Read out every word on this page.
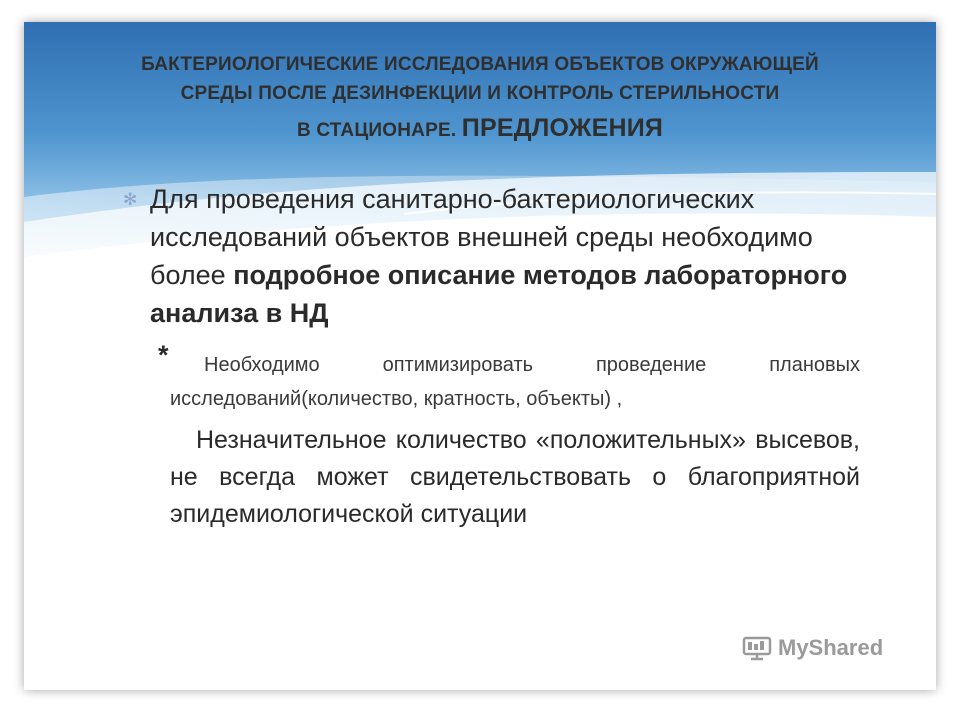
БАКТЕРИОЛОГИЧЕСКИЕ ИССЛЕДОВАНИЯ ОБЪЕКТОВ ОКРУЖАЮЩЕЙ
СРЕДЫ ПОСЛЕ ДЕЗИНФЕКЦИИ И КОНТРОЛЬ СТЕРИЛЬНОСТИ
В СТАЦИОНАРЕ. ПРЕДЛОЖЕНИЯ
✻ Для проведения санитарно-бактериологических исследований объектов внешней среды необходимо более подробное описание методов лабораторного анализа в НД
*	Необходимо оптимизировать проведение плановых исследований(количество, кратность, объекты) ,
Незначительное количество «положительных» высевов, не всегда может свидетельствовать о благоприятной эпидемиологической ситуации
MyShared
